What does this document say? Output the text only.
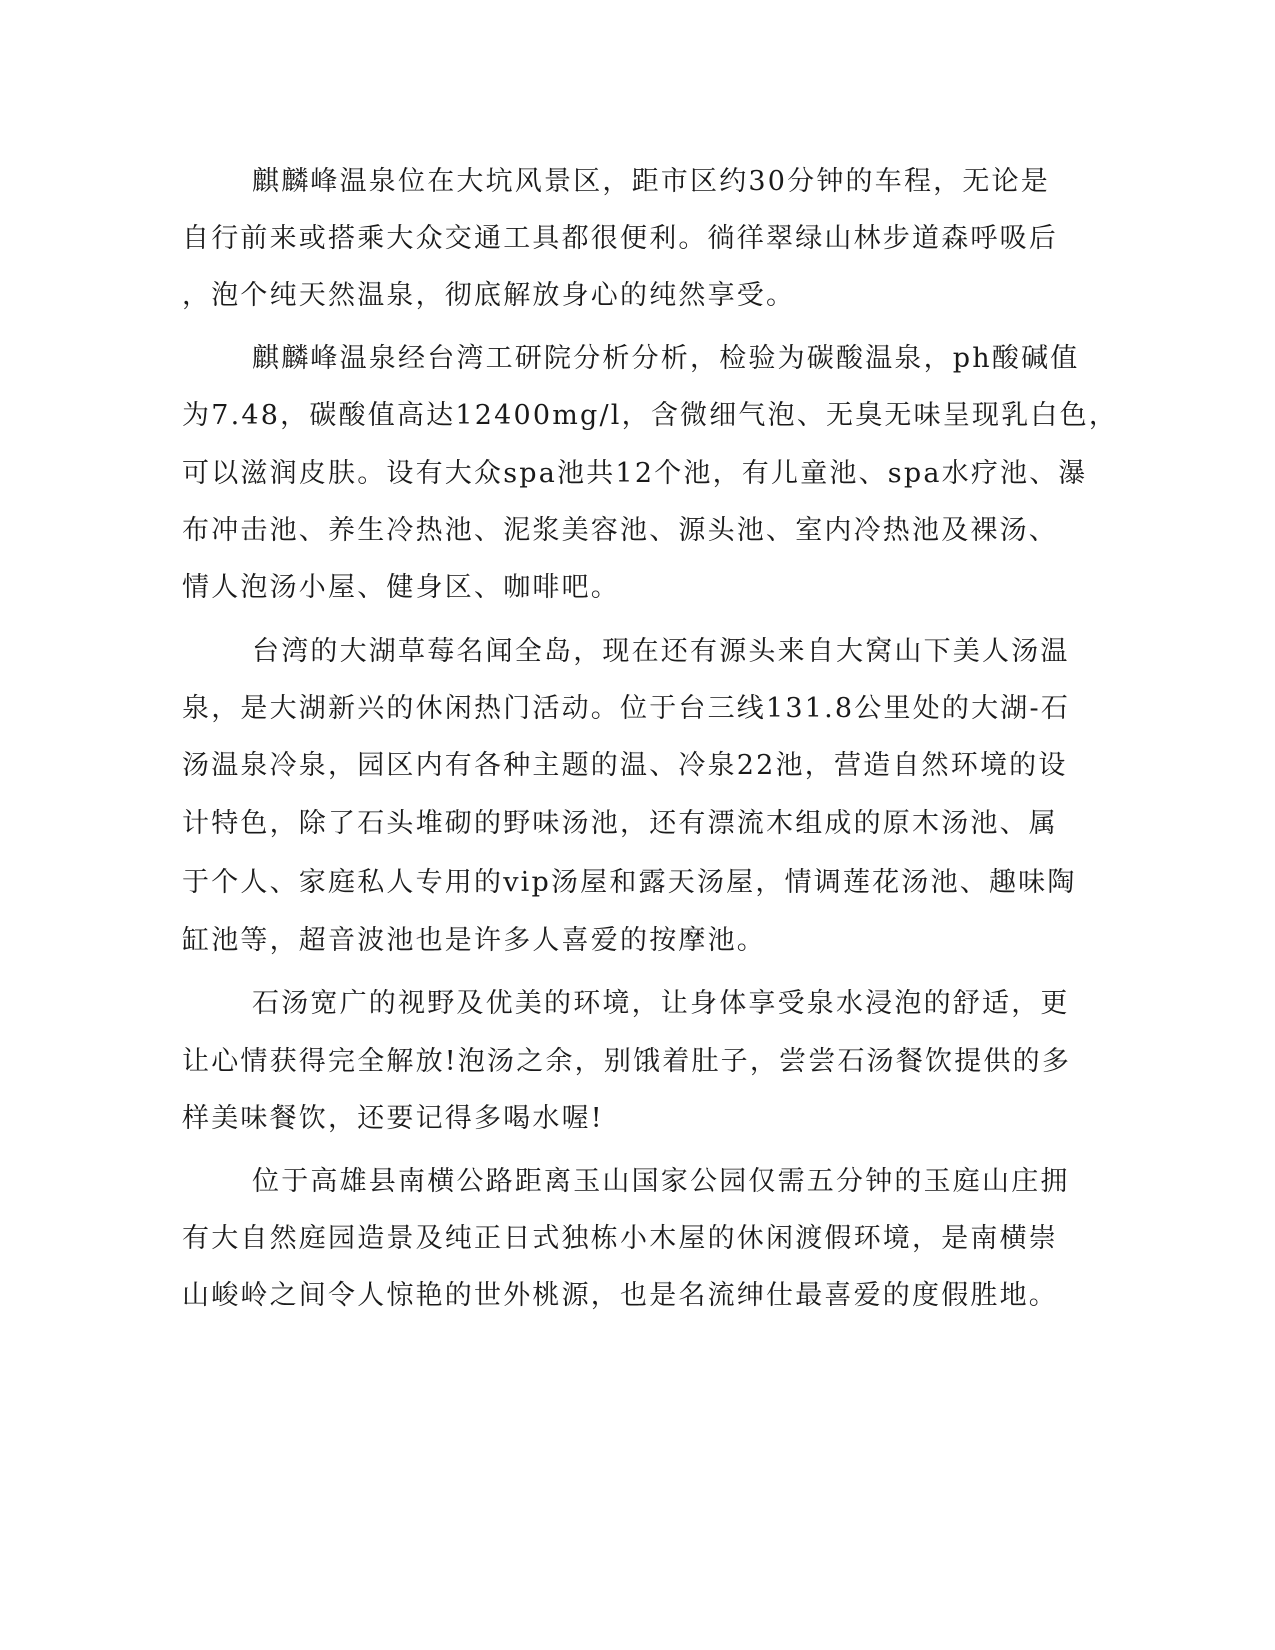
麒麟峰温泉位在大坑风景区，距市区约30分钟的车程，无论是

自行前来或搭乘大众交通工具都很便利。徜徉翠绿山林步道森呼吸后

，泡个纯天然温泉，彻底解放身心的纯然享受。

麒麟峰温泉经台湾工研院分析分析，检验为碳酸温泉，ph酸碱值

为7.48，碳酸值高达12400mg/l，含微细气泡、无臭无味呈现乳白色，

可以滋润皮肤。设有大众spa池共12个池，有儿童池、spa水疗池、瀑

布冲击池、养生冷热池、泥浆美容池、源头池、室内冷热池及裸汤、

情人泡汤小屋、健身区、咖啡吧。

台湾的大湖草莓名闻全岛，现在还有源头来自大窝山下美人汤温

泉，是大湖新兴的休闲热门活动。位于台三线131.8公里处的大湖-石

汤温泉冷泉，园区内有各种主题的温、冷泉22池，营造自然环境的设

计特色，除了石头堆砌的野味汤池，还有漂流木组成的原木汤池、属

于个人、家庭私人专用的vip汤屋和露天汤屋，情调莲花汤池、趣味陶

缸池等，超音波池也是许多人喜爱的按摩池。

石汤宽广的视野及优美的环境，让身体享受泉水浸泡的舒适，更

让心情获得完全解放!泡汤之余，别饿着肚子，尝尝石汤餐饮提供的多

样美味餐饮，还要记得多喝水喔!

位于高雄县南横公路距离玉山国家公园仅需五分钟的玉庭山庄拥

有大自然庭园造景及纯正日式独栋小木屋的休闲渡假环境，是南横崇

山峻岭之间令人惊艳的世外桃源，也是名流绅仕最喜爱的度假胜地。
